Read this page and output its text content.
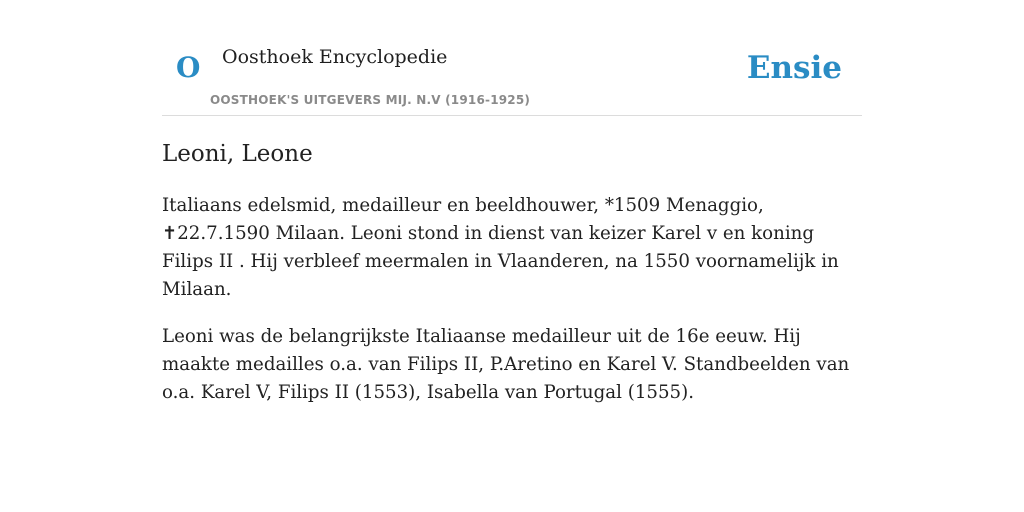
O Oosthoek Encyclopedie
OOSTHOEK'S UITGEVERS MIJ. N.V (1916-1925)
Ensie
Leoni, Leone

Italiaans edelsmid, medailleur en beeldhouwer, *1509 Menaggio, ✝22.7.1590 Milaan. Leoni stond in dienst van keizer Karel v en koning Filips II . Hij verbleef meermalen in Vlaanderen, na 1550 voornamelijk in Milaan.

Leoni was de belangrijkste Italiaanse medailleur uit de 16e eeuw. Hij maakte medailles o.a. van Filips II, P.Aretino en Karel V. Standbeelden van o.a. Karel V, Filips II (1553), Isabella van Portugal (1555).
